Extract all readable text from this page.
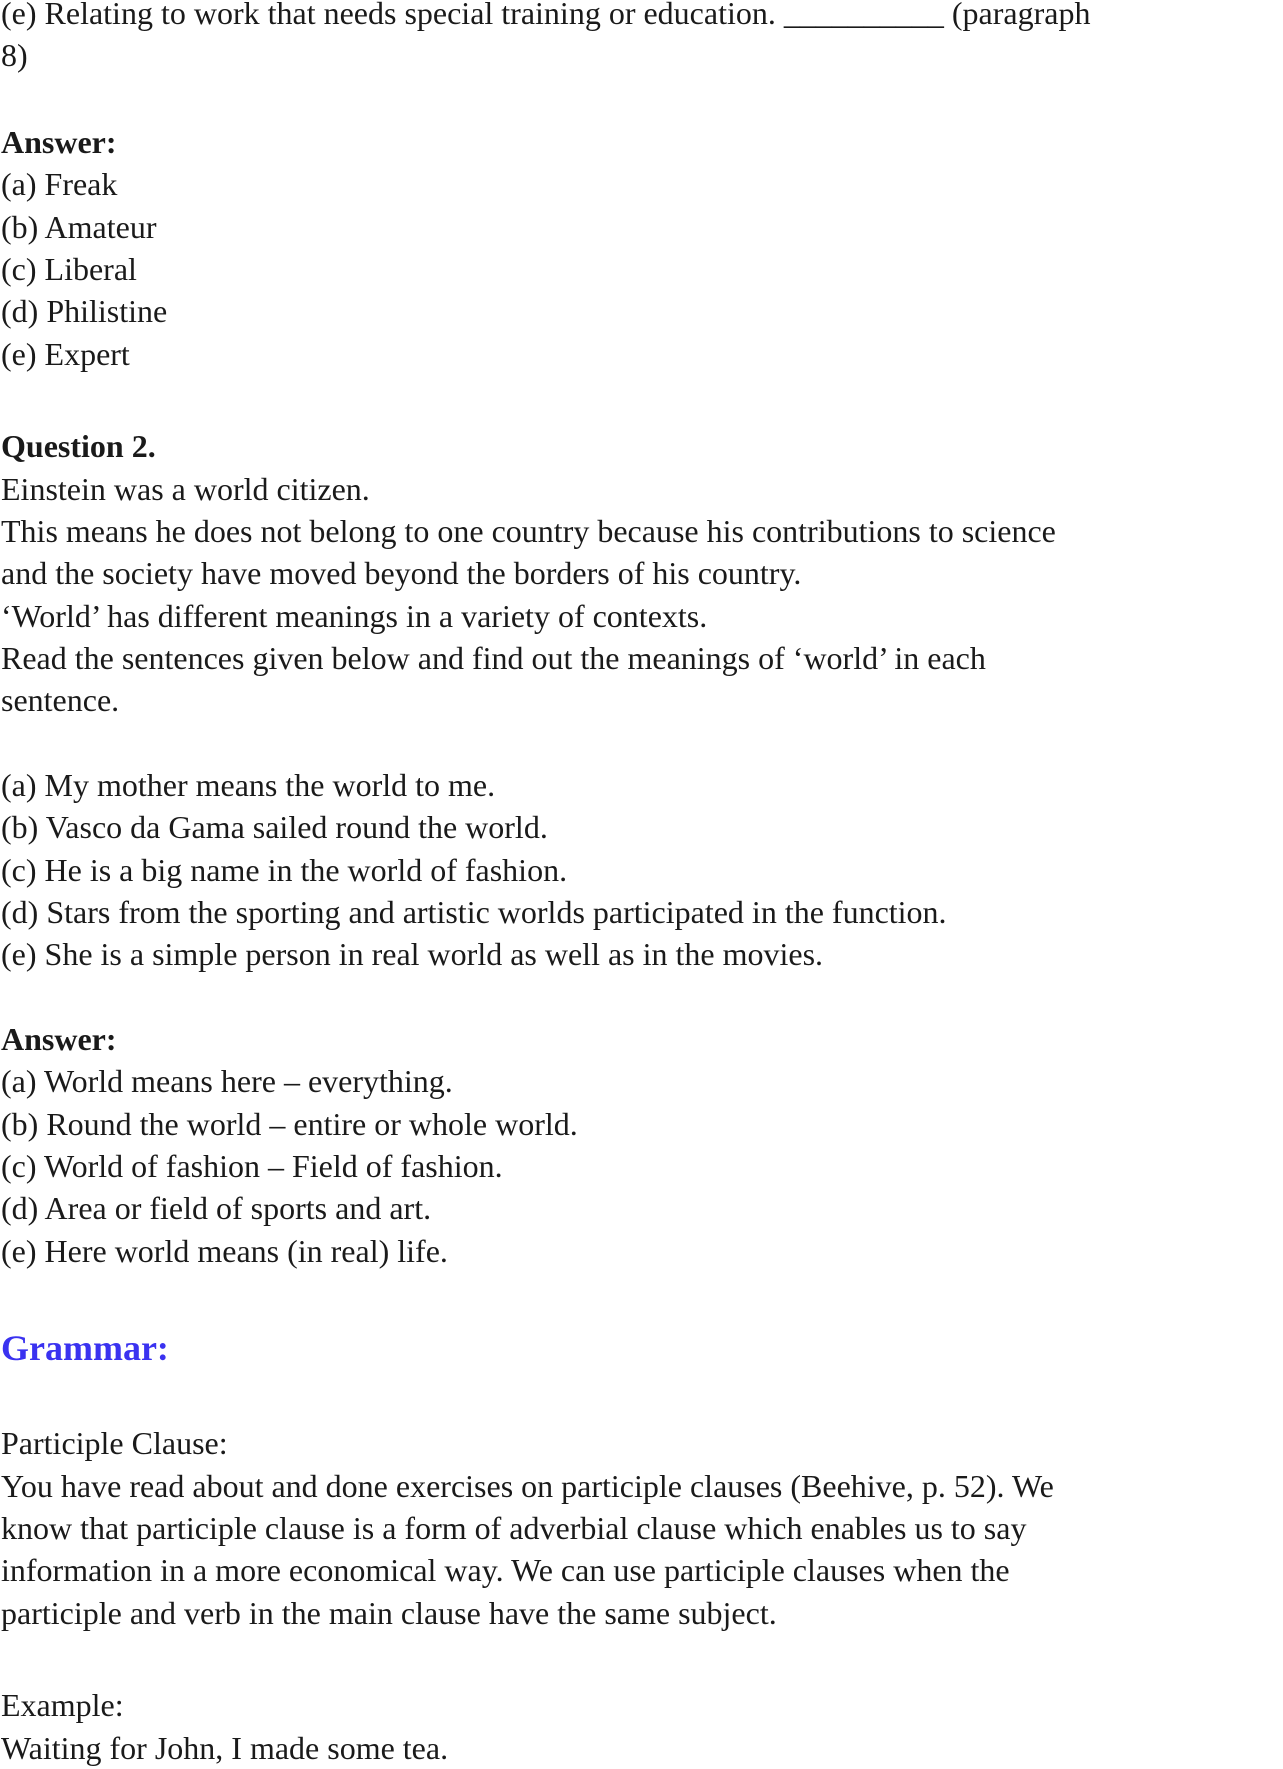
(e) Relating to work that needs special training or education. __________ (paragraph
8)
Answer:
(a) Freak
(b) Amateur
(c) Liberal
(d) Philistine
(e) Expert
Question 2.
Einstein was a world citizen.
This means he does not belong to one country because his contributions to science
and the society have moved beyond the borders of his country.
‘World’ has different meanings in a variety of contexts.
Read the sentences given below and find out the meanings of ‘world’ in each
sentence.
(a) My mother means the world to me.
(b) Vasco da Gama sailed round the world.
(c) He is a big name in the world of fashion.
(d) Stars from the sporting and artistic worlds participated in the function.
(e) She is a simple person in real world as well as in the movies.
Answer:
(a) World means here – everything.
(b) Round the world – entire or whole world.
(c) World of fashion – Field of fashion.
(d) Area or field of sports and art.
(e) Here world means (in real) life.
Grammar:
Participle Clause:
You have read about and done exercises on participle clauses (Beehive, p. 52). We
know that participle clause is a form of adverbial clause which enables us to say
information in a more economical way. We can use participle clauses when the
participle and verb in the main clause have the same subject.
Example:
Waiting for John, I made some tea.
